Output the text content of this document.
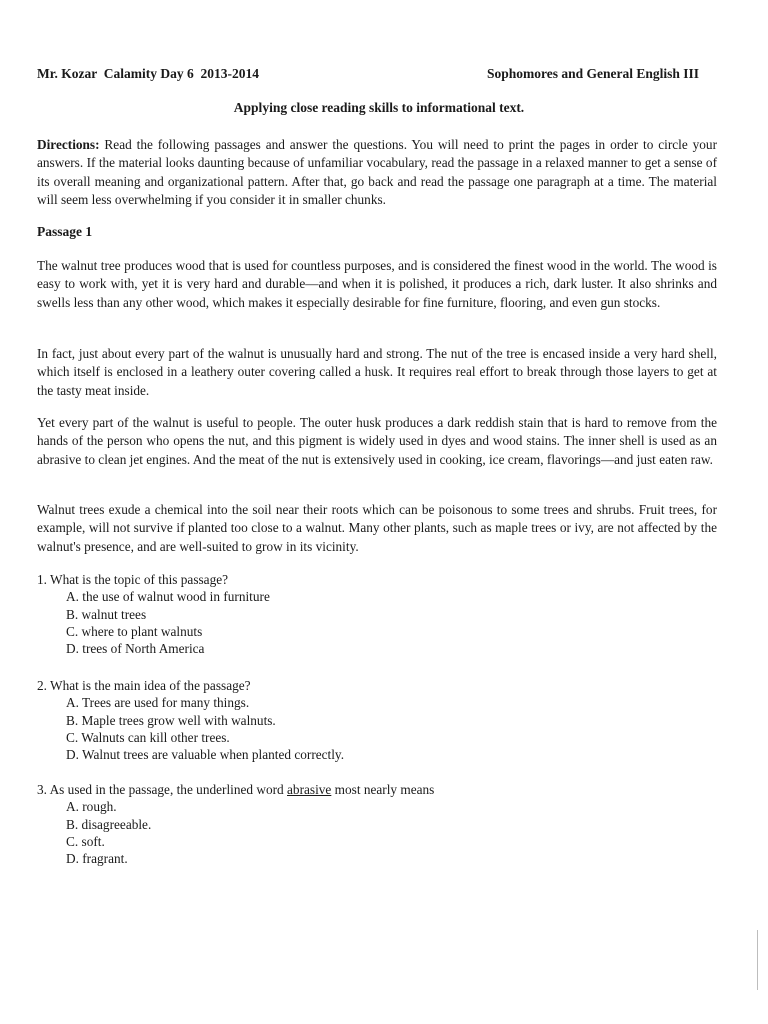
Mr. Kozar  Calamity Day 6  2013-2014	Sophomores and General English III
Applying close reading skills to informational text.
Directions: Read the following passages and answer the questions. You will need to print the pages in order to circle your answers. If the material looks daunting because of unfamiliar vocabulary, read the passage in a relaxed manner to get a sense of its overall meaning and organizational pattern. After that, go back and read the passage one paragraph at a time. The material will seem less overwhelming if you consider it in smaller chunks.
Passage 1
The walnut tree produces wood that is used for countless purposes, and is considered the finest wood in the world. The wood is easy to work with, yet it is very hard and durable—and when it is polished, it produces a rich, dark luster. It also shrinks and swells less than any other wood, which makes it especially desirable for fine furniture, flooring, and even gun stocks.
In fact, just about every part of the walnut is unusually hard and strong. The nut of the tree is encased inside a very hard shell, which itself is enclosed in a leathery outer covering called a husk. It requires real effort to break through those layers to get at the tasty meat inside.
Yet every part of the walnut is useful to people. The outer husk produces a dark reddish stain that is hard to remove from the hands of the person who opens the nut, and this pigment is widely used in dyes and wood stains. The inner shell is used as an abrasive to clean jet engines. And the meat of the nut is extensively used in cooking, ice cream, flavorings—and just eaten raw.
Walnut trees exude a chemical into the soil near their roots which can be poisonous to some trees and shrubs. Fruit trees, for example, will not survive if planted too close to a walnut. Many other plants, such as maple trees or ivy, are not affected by the walnut's presence, and are well-suited to grow in its vicinity.

1. What is the topic of this passage?

A. the use of walnut wood in furniture
B. walnut trees
C. where to plant walnuts
D. trees of North America

2. What is the main idea of the passage?

A. Trees are used for many things.
B. Maple trees grow well with walnuts.
C. Walnuts can kill other trees.
D. Walnut trees are valuable when planted correctly.

3. As used in the passage, the underlined word abrasive most nearly means

A. rough.
B. disagreeable.
C. soft.
D. fragrant.
